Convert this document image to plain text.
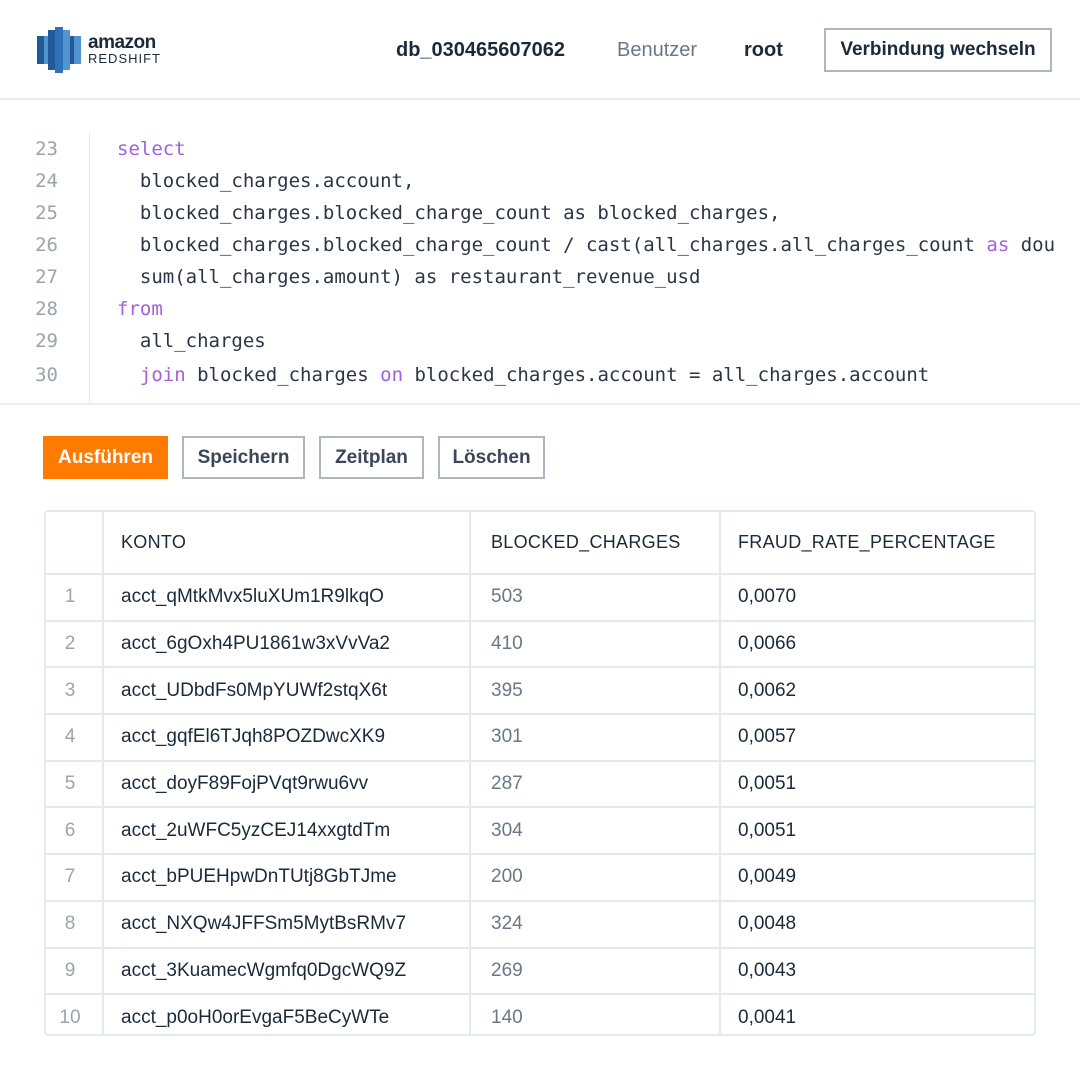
amazon
REDSHIFT	db_030465607062	Benutzer root	Verbindung wechseln
23	select
24	blocked_charges.account,
25	blocked_charges.blocked_charge_count as blocked_charges,
26	blocked_charges.blocked_charge_count / cast(all_charges.all_charges_count as dou
27	sum(all_charges.amount) as restaurant_revenue_usd
28	from
29	all_charges
30	join blocked_charges on blocked_charges.account = all_charges.account
Ausführen	Speichern	Zeitplan	Löschen
	KONTO	BLOCKED_CHARGES	FRAUD_RATE_PERCENTAGE
1	acct_qMtkMvx5luXUm1R9lkqO	503	0,0070
2	acct_6gOxh4PU1861w3xVvVa2	410	0,0066
3	acct_UDbdFs0MpYUWf2stqX6t	395	0,0062
4	acct_gqfEl6TJqh8POZDwcXK9	301	0,0057
5	acct_doyF89FojPVqt9rwu6vv	287	0,0051
6	acct_2uWFC5yzCEJ14xxgtdTm	304	0,0051
7	acct_bPUEHpwDnTUtj8GbTJme	200	0,0049
8	acct_NXQw4JFFSm5MytBsRMv7	324	0,0048
9	acct_3KuamecWgmfq0DgcWQ9Z	269	0,0043
10	acct_p0oH0orEvgaF5BeCyWTe	140	0,0041
